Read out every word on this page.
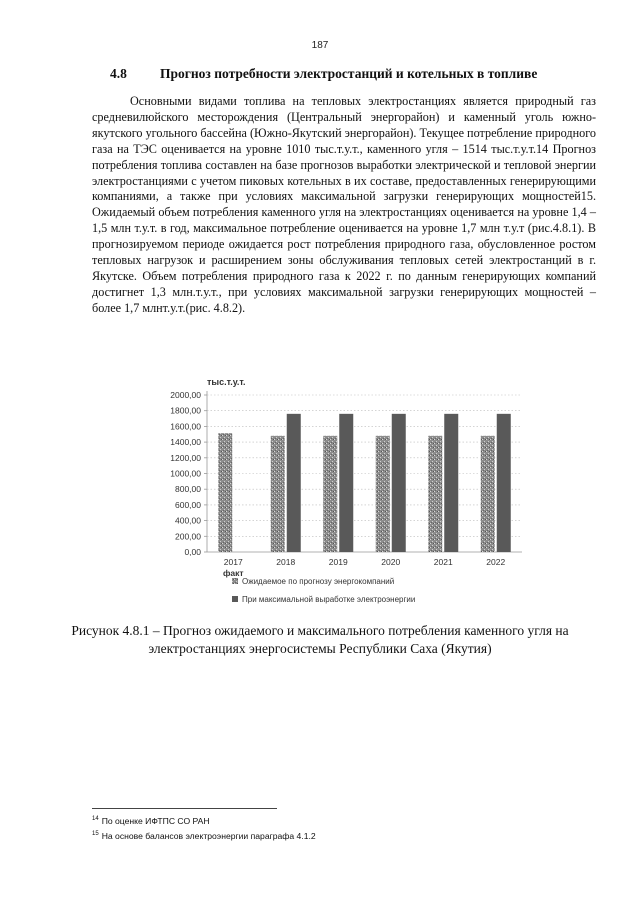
187
4.8 Прогноз потребности электростанций и котельных в топливе

Основными видами топлива на тепловых электростанциях является природный газ средневилюйского месторождения (Центральный энергорайон) и каменный уголь южно-якутского угольного бассейна (Южно-Якутский энергорайон). Текущее потребление природного газа на ТЭС оценивается на уровне 1010 тыс.т.у.т., каменного угля – 1514 тыс.т.у.т.14 Прогноз потребления топлива составлен на базе прогнозов выработки электрической и тепловой энергии электростанциями с учетом пиковых котельных в их составе, предоставленных генерирующими компаниями, а также при условиях максимальной загрузки генерирующих мощностей15. Ожидаемый объем потребления каменного угля на электростанциях оценивается на уровне 1,4 – 1,5 млн т.у.т. в год, максимальное потребление оценивается на уровне 1,7 млн т.у.т (рис.4.8.1). В прогнозируемом периоде ожидается рост потребления природного газа, обусловленное ростом тепловых нагрузок и расширением зоны обслуживания тепловых сетей электростанций в г. Якутске. Объем потребления природного газа к 2022 г. по данным генерирующих компаний достигнет 1,3 млн.т.у.т., при условиях максимальной загрузки генерирующих мощностей – более 1,7 млнт.у.т.(рис. 4.8.2).

тыс.т.у.т.
0,00
200,00
400,00
600,00
800,00
1000,00
1200,00
1400,00
1600,00
1800,00
2000,00
2017
факт
2018	2019	2020	2021	2022
Ожидаемое по прогнозу энергокомпаний
При максимальной выработке электроэнергии

Рисунок 4.8.1 – Прогноз ожидаемого и максимального потребления каменного угля на электростанциях энергосистемы Республики Саха (Якутия)

$^{14}$ По оценке ИФТПС СО РАН
$^{15}$ На основе балансов электроэнергии параграфа 4.1.2
